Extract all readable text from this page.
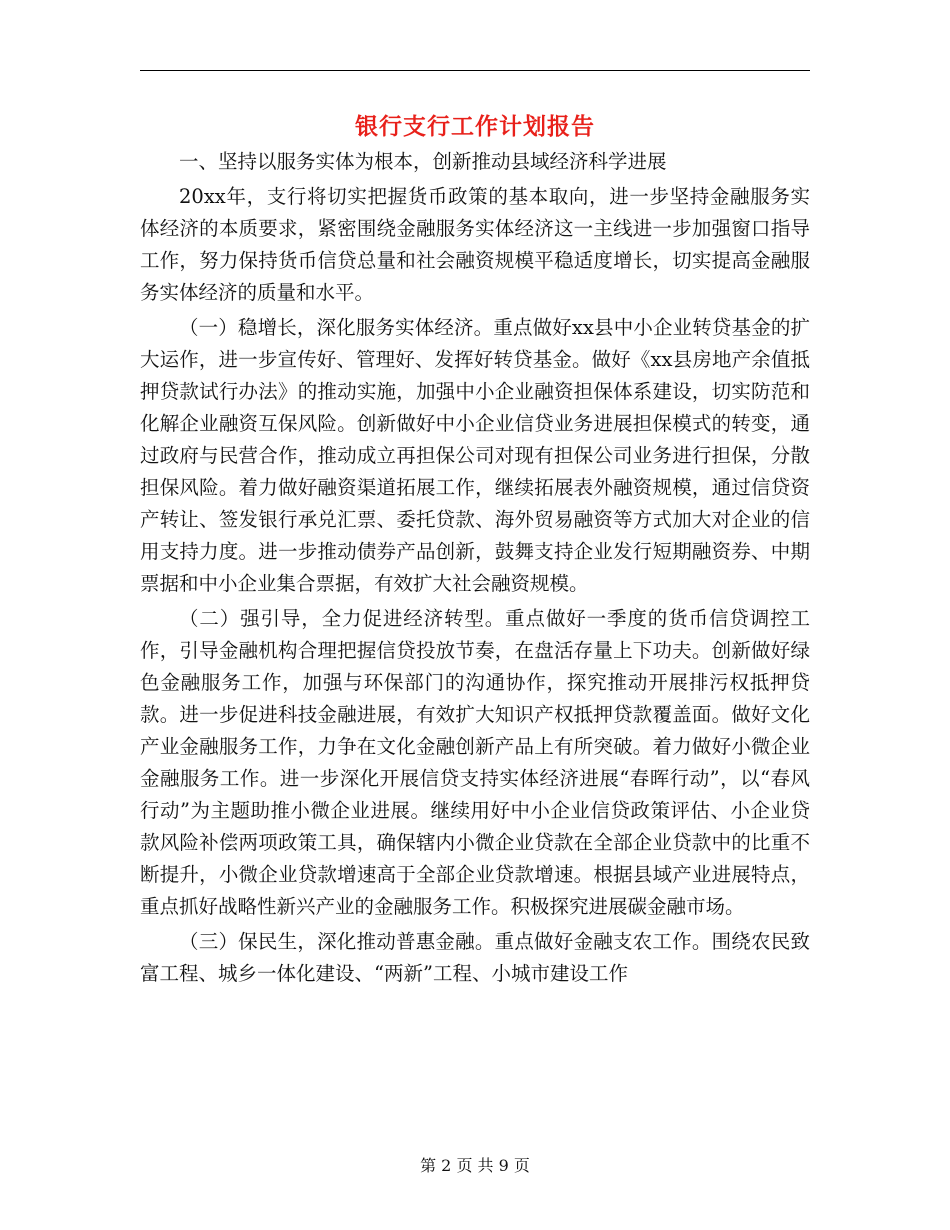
银行支行工作计划报告

一、坚持以服务实体为根本，创新推动县域经济科学进展

20xx年，支行将切实把握货币政策的基本取向，进一步坚持金融服务实体经济的本质要求，紧密围绕金融服务实体经济这一主线进一步加强窗口指导工作，努力保持货币信贷总量和社会融资规模平稳适度增长，切实提高金融服务实体经济的质量和水平。

（一）稳增长，深化服务实体经济。重点做好xx县中小企业转贷基金的扩大运作，进一步宣传好、管理好、发挥好转贷基金。做好《xx县房地产余值抵押贷款试行办法》的推动实施，加强中小企业融资担保体系建设，切实防范和化解企业融资互保风险。创新做好中小企业信贷业务进展担保模式的转变，通过政府与民营合作，推动成立再担保公司对现有担保公司业务进行担保，分散担保风险。着力做好融资渠道拓展工作，继续拓展表外融资规模，通过信贷资产转让、签发银行承兑汇票、委托贷款、海外贸易融资等方式加大对企业的信用支持力度。进一步推动债券产品创新，鼓舞支持企业发行短期融资券、中期票据和中小企业集合票据，有效扩大社会融资规模。

（二）强引导，全力促进经济转型。重点做好一季度的货币信贷调控工作，引导金融机构合理把握信贷投放节奏，在盘活存量上下功夫。创新做好绿色金融服务工作，加强与环保部门的沟通协作，探究推动开展排污权抵押贷款。进一步促进科技金融进展，有效扩大知识产权抵押贷款覆盖面。做好文化产业金融服务工作，力争在文化金融创新产品上有所突破。着力做好小微企业金融服务工作。进一步深化开展信贷支持实体经济进展“春晖行动”，以“春风行动”为主题助推小微企业进展。继续用好中小企业信贷政策评估、小企业贷款风险补偿两项政策工具，确保辖内小微企业贷款在全部企业贷款中的比重不断提升，小微企业贷款增速高于全部企业贷款增速。根据县域产业进展特点，重点抓好战略性新兴产业的金融服务工作。积极探究进展碳金融市场。

（三）保民生，深化推动普惠金融。重点做好金融支农工作。围绕农民致富工程、城乡一体化建设、“两新”工程、小城市建设工作

第 2 页 共 9 页
